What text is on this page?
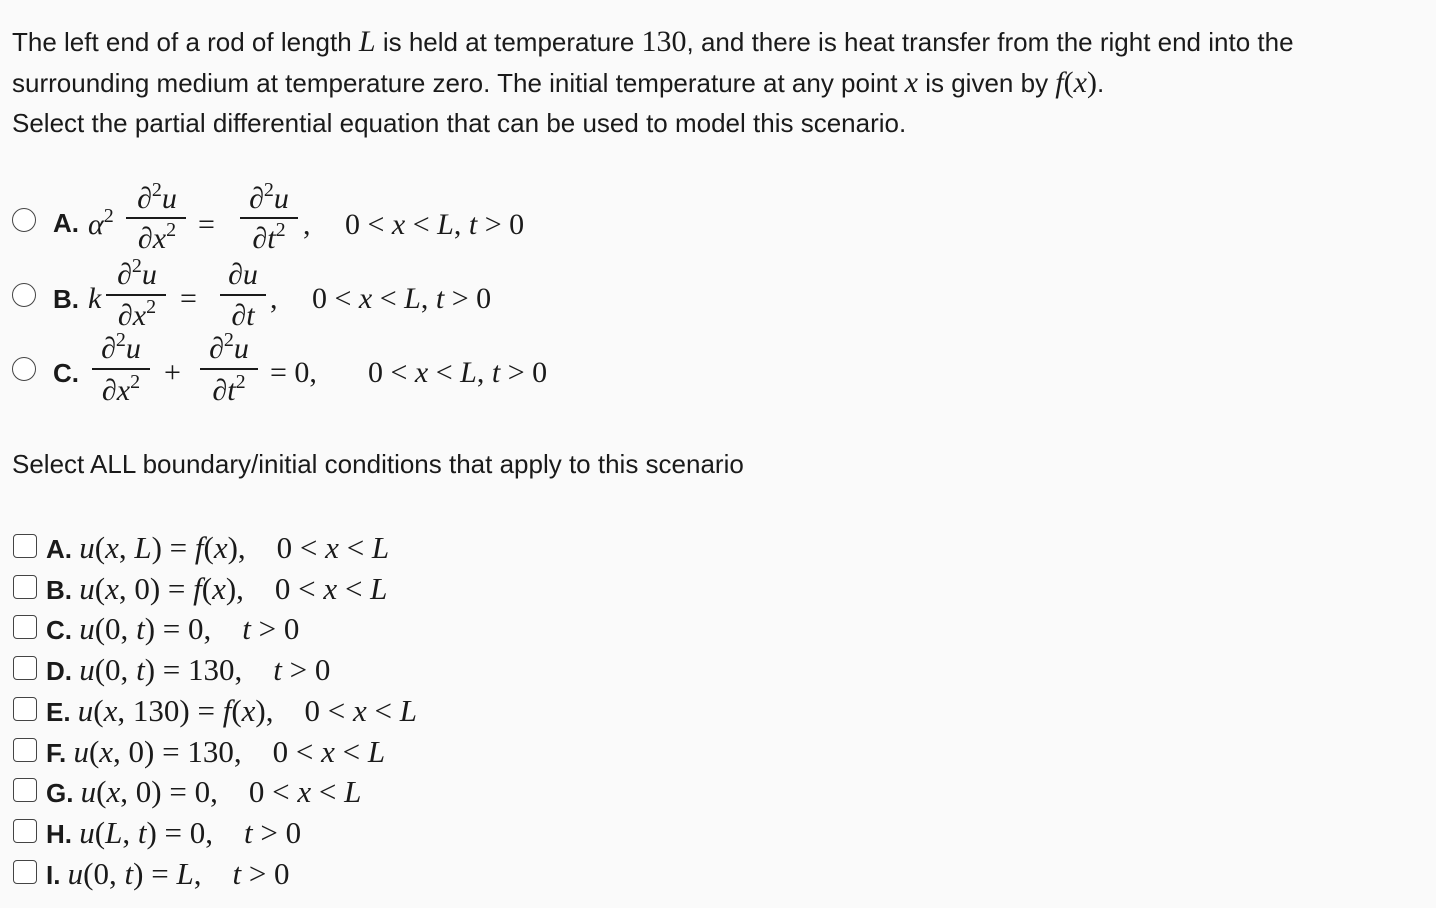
The left end of a rod of length L is held at temperature 130, and there is heat transfer from the right end into the
surrounding medium at temperature zero. The initial temperature at any point x is given by f(x).
Select the partial differential equation that can be used to model this scenario.
A. $\alpha^2$
∂$^2$u
$\partial x^2$ =
∂$^2$u
$\partial t^2$ , 0 < x < L, t > 0
B. k
∂$^2$u
$\partial x^2$ =
∂u
∂t
, 0 < x < L, t > 0
C.
∂$^2$u
$\partial x^2$ +
∂$^2$u
$\partial t^2 = 0$, 0 < x < L, t > 0
Select ALL boundary/initial conditions that apply to this scenario
A. u(x, L) = f(x),    0 < x < L
B. u(x, 0) = f(x),    0 < x < L
C. u(0, t) = 0,    t > 0
D. u(0, t) = 130,    t > 0
E. u(x, 130) = f(x),    0 < x < L
F. u(x, 0) = 130,    0 < x < L
G. u(x, 0) = 0,    0 < x < L
H. u(L, t) = 0,    t > 0
I. u(0, t) = L,    t > 0
